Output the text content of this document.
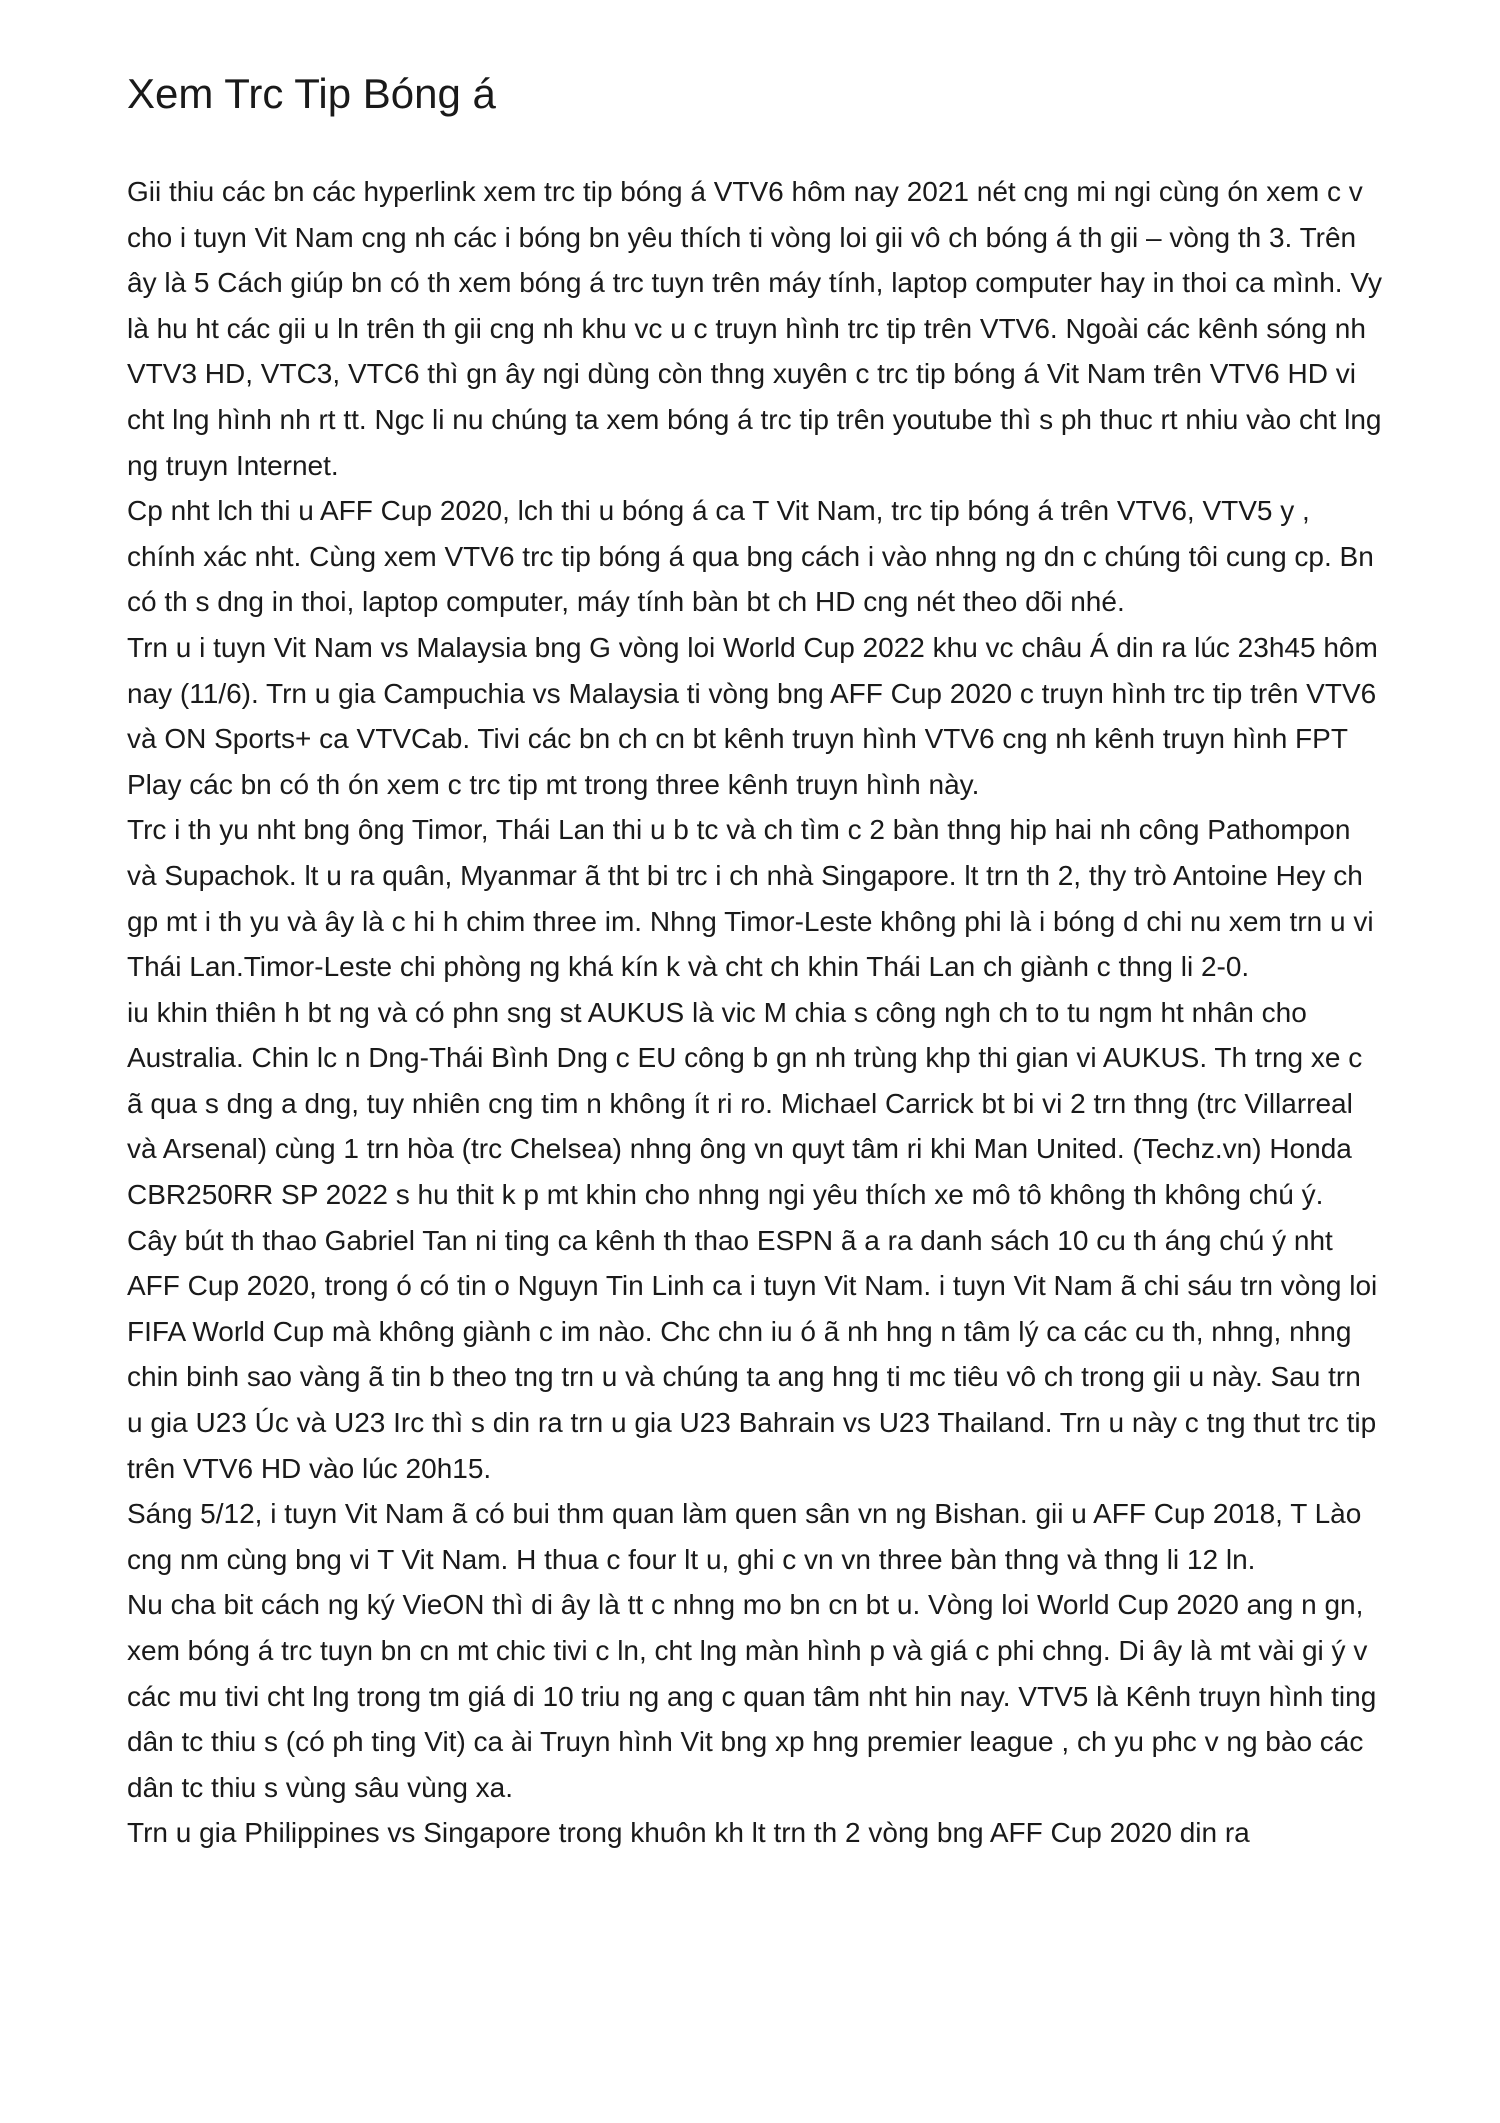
Xem Trc Tip Bóng á

Gii thiu các bn các hyperlink xem trc tip bóng á VTV6 hôm nay 2021 nét cng mi ngi cùng ón xem c v cho i tuyn Vit Nam cng nh các i bóng bn yêu thích ti vòng loi gii vô ch bóng á th gii – vòng th 3. Trên ây là 5 Cách giúp bn có th xem bóng á trc tuyn trên máy tính, laptop computer hay in thoi ca mình. Vy là hu ht các gii u ln trên th gii cng nh khu vc u c truyn hình trc tip trên VTV6. Ngoài các kênh sóng nh VTV3 HD, VTC3, VTC6 thì gn ây ngi dùng còn thng xuyên c trc tip bóng á Vit Nam trên VTV6 HD vi cht lng hình nh rt tt. Ngc li nu chúng ta xem bóng á trc tip trên youtube thì s ph thuc rt nhiu vào cht lng ng truyn Internet.

Cp nht lch thi u AFF Cup 2020, lch thi u bóng á ca T Vit Nam, trc tip bóng á trên VTV6, VTV5 y , chính xác nht. Cùng xem VTV6 trc tip bóng á qua bng cách i vào nhng ng dn c chúng tôi cung cp. Bn có th s dng in thoi, laptop computer, máy tính bàn bt ch HD cng nét theo dõi nhé.

Trn u i tuyn Vit Nam vs Malaysia bng G vòng loi World Cup 2022 khu vc châu Á din ra lúc 23h45 hôm nay (11/6). Trn u gia Campuchia vs Malaysia ti vòng bng AFF Cup 2020 c truyn hình trc tip trên VTV6 và ON Sports+ ca VTVCab. Tivi các bn ch cn bt kênh truyn hình VTV6 cng nh kênh truyn hình FPT Play các bn có th ón xem c trc tip mt trong three kênh truyn hình này.

Trc i th yu nht bng ông Timor, Thái Lan thi u b tc và ch tìm c 2 bàn thng hip hai nh công Pathompon và Supachok. lt u ra quân, Myanmar ã tht bi trc i ch nhà Singapore. lt trn th 2, thy trò Antoine Hey ch gp mt i th yu và ây là c hi h chim three im. Nhng Timor-Leste không phi là i bóng d chi nu xem trn u vi Thái Lan.Timor-Leste chi phòng ng khá kín k và cht ch khin Thái Lan ch giành c thng li 2-0.

iu khin thiên h bt ng và có phn sng st AUKUS là vic M chia s công ngh ch to tu ngm ht nhân cho Australia. Chin lc n Dng-Thái Bình Dng c EU công b gn nh trùng khp thi gian vi AUKUS. Th trng xe c ã qua s dng a dng, tuy nhiên cng tim n không ít ri ro. Michael Carrick bt bi vi 2 trn thng (trc Villarreal và Arsenal) cùng 1 trn hòa (trc Chelsea) nhng ông vn quyt tâm ri khi Man United. (Techz.vn) Honda CBR250RR SP 2022 s hu thit k p mt khin cho nhng ngi yêu thích xe mô tô không th không chú ý.

Cây bút th thao Gabriel Tan ni ting ca kênh th thao ESPN ã a ra danh sách 10 cu th áng chú ý nht AFF Cup 2020, trong ó có tin o Nguyn Tin Linh ca i tuyn Vit Nam. i tuyn Vit Nam ã chi sáu trn vòng loi FIFA World Cup mà không giành c im nào. Chc chn iu ó ã nh hng n tâm lý ca các cu th, nhng, nhng chin binh sao vàng ã tin b theo tng trn u và chúng ta ang hng ti mc tiêu vô ch trong gii u này. Sau trn u gia U23 Úc và U23 Irc thì s din ra trn u gia U23 Bahrain vs U23 Thailand. Trn u này c tng thut trc tip trên VTV6 HD vào lúc 20h15.

Sáng 5/12, i tuyn Vit Nam ã có bui thm quan làm quen sân vn ng Bishan. gii u AFF Cup 2018, T Lào cng nm cùng bng vi T Vit Nam. H thua c four lt u, ghi c vn vn three bàn thng và thng li 12 ln.

Nu cha bit cách ng ký VieON thì di ây là tt c nhng mo bn cn bt u. Vòng loi World Cup 2020 ang n gn, xem bóng á trc tuyn bn cn mt chic tivi c ln, cht lng màn hình p và giá c phi chng. Di ây là mt vài gi ý v các mu tivi cht lng trong tm giá di 10 triu ng ang c quan tâm nht hin nay. VTV5 là Kênh truyn hình ting dân tc thiu s (có ph ting Vit) ca ài Truyn hình Vit bng xp hng premier league , ch yu phc v ng bào các dân tc thiu s vùng sâu vùng xa.

Trn u gia Philippines vs Singapore trong khuôn kh lt trn th 2 vòng bng AFF Cup 2020 din ra
